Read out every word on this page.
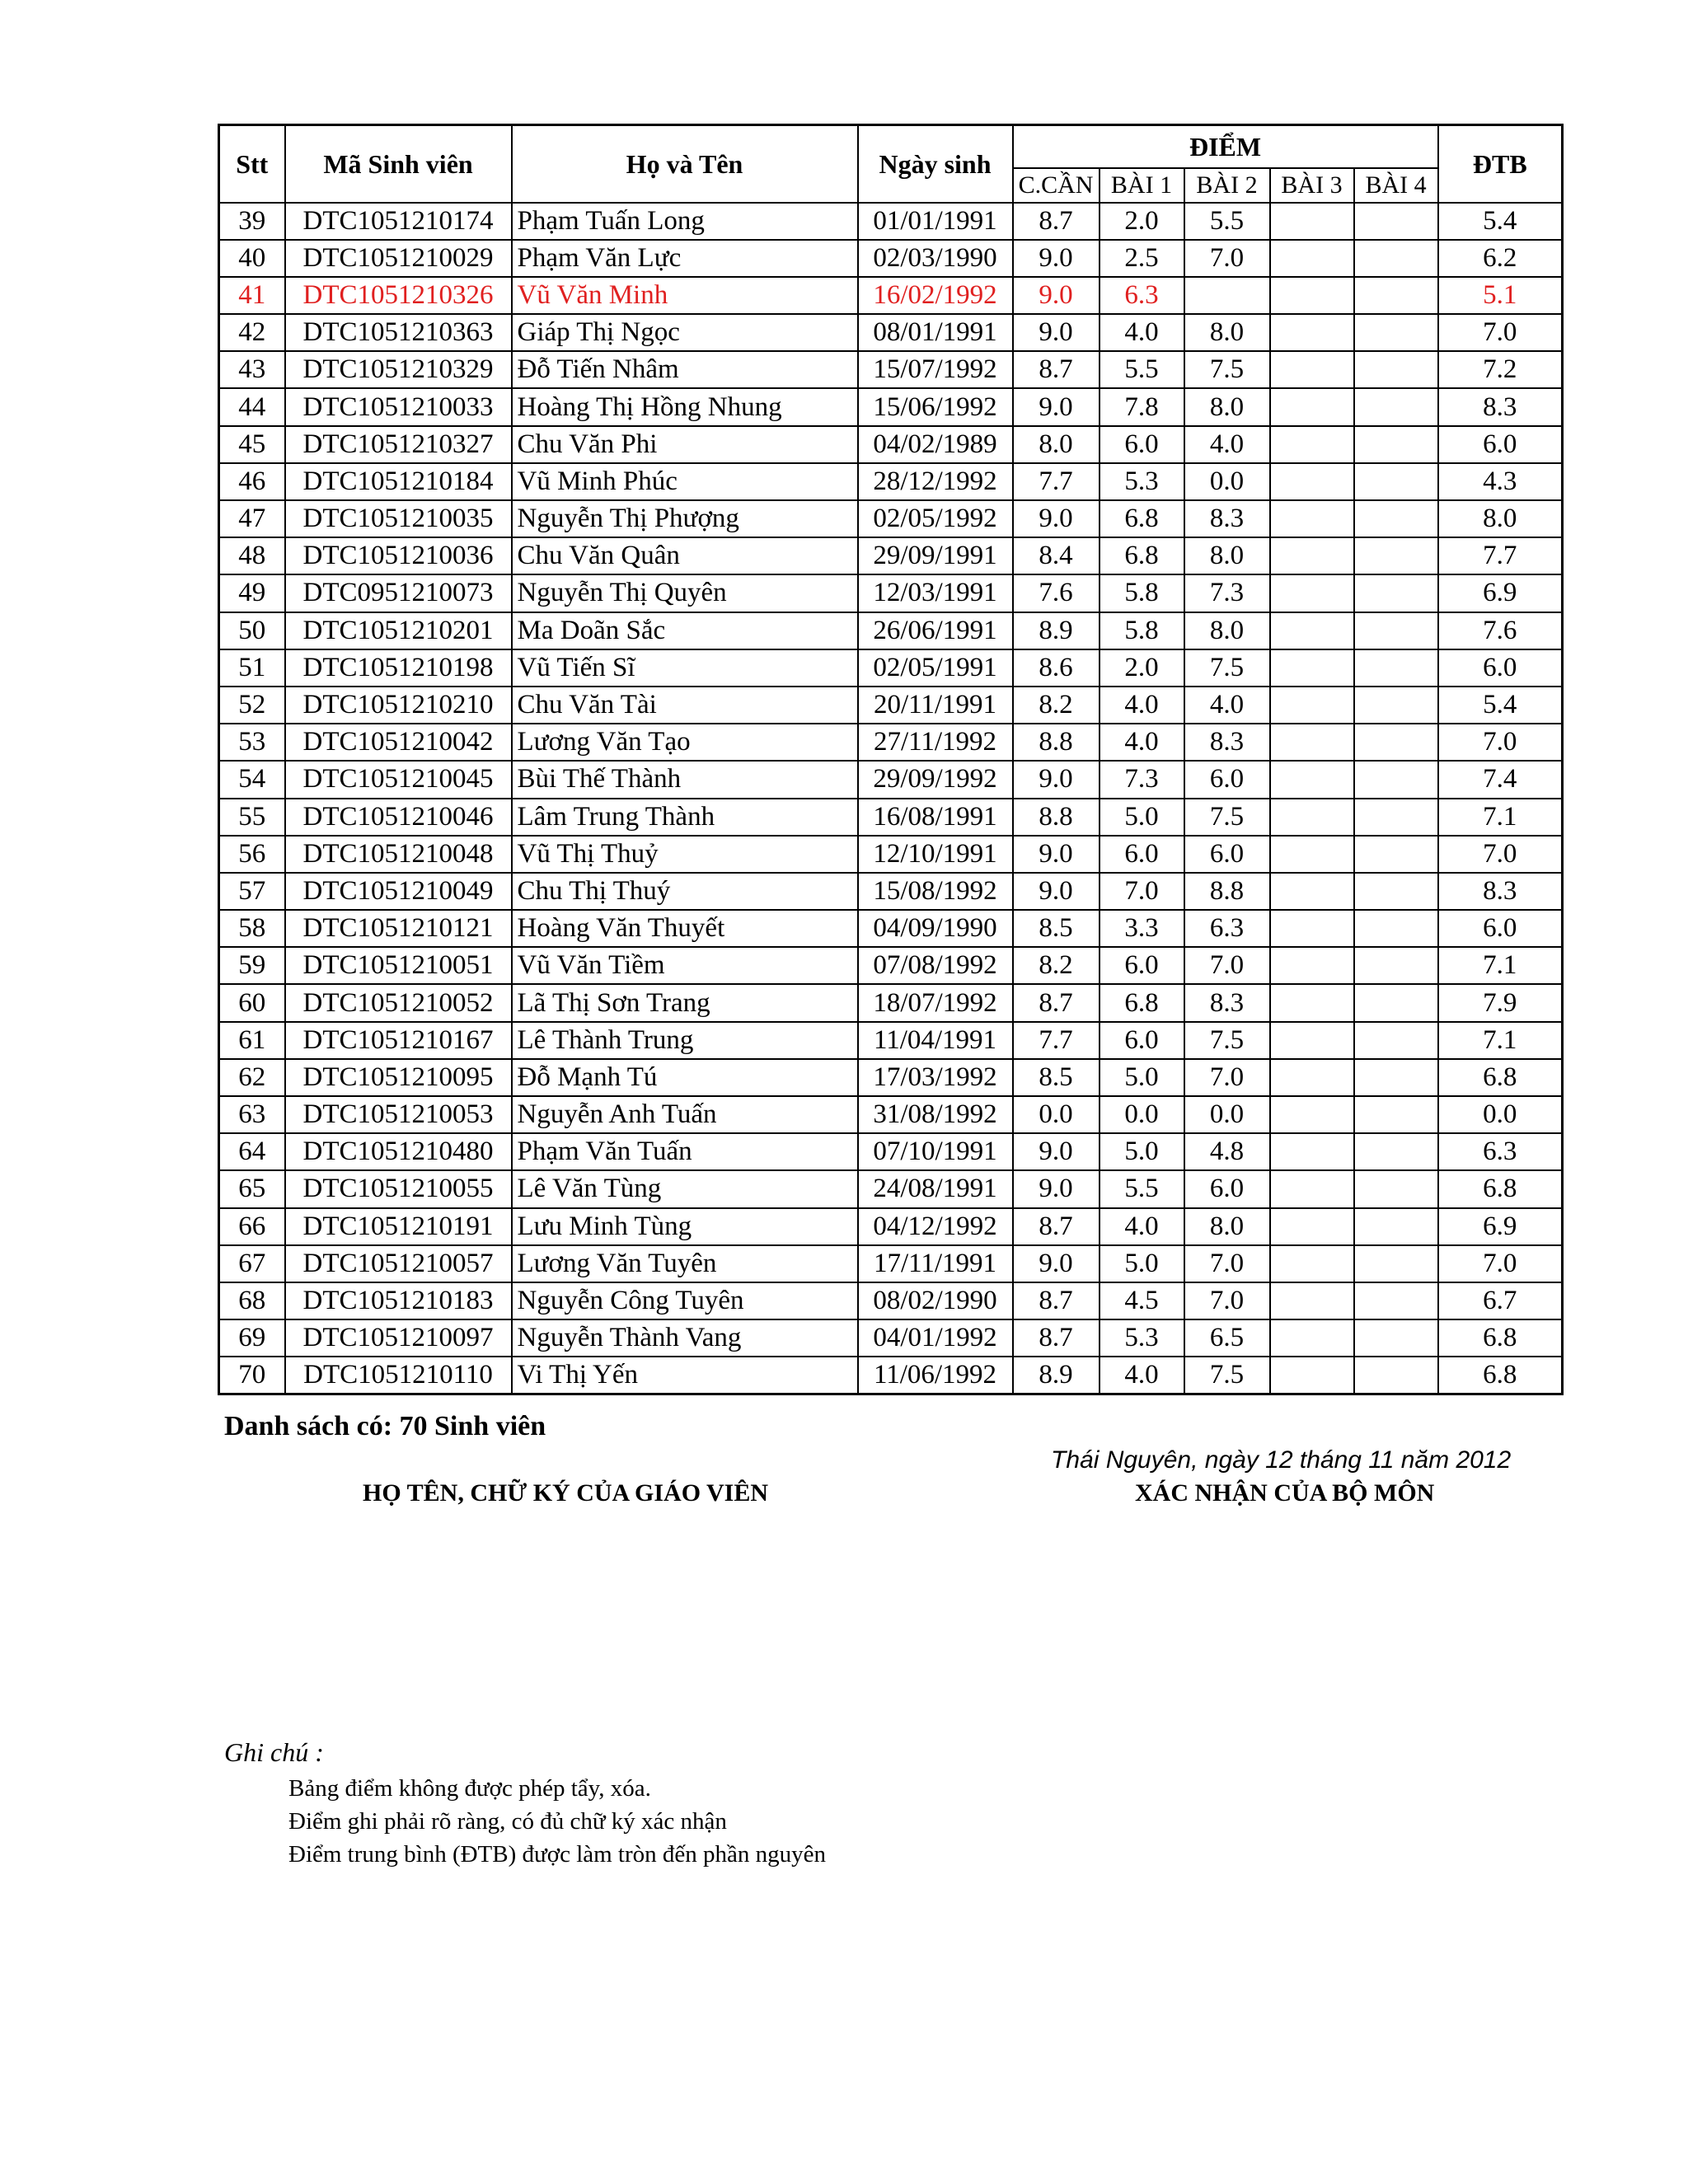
Stt	Mã Sinh viên	Họ và Tên	Ngày sinh	ĐIỂM					ĐTB
				C.CẦN	BÀI 1	BÀI 2	BÀI 3	BÀI 4	
39	DTC1051210174	Phạm Tuấn Long	01/01/1991	8.7	2.0	5.5			5.4
40	DTC1051210029	Phạm Văn Lực	02/03/1990	9.0	2.5	7.0			6.2
41	DTC1051210326	Vũ Văn Minh	16/02/1992	9.0	6.3				5.1
42	DTC1051210363	Giáp Thị Ngọc	08/01/1991	9.0	4.0	8.0			7.0
43	DTC1051210329	Đỗ Tiến Nhâm	15/07/1992	8.7	5.5	7.5			7.2
44	DTC1051210033	Hoàng Thị Hồng Nhung	15/06/1992	9.0	7.8	8.0			8.3
45	DTC1051210327	Chu Văn Phi	04/02/1989	8.0	6.0	4.0			6.0
46	DTC1051210184	Vũ Minh Phúc	28/12/1992	7.7	5.3	0.0			4.3
47	DTC1051210035	Nguyễn Thị Phượng	02/05/1992	9.0	6.8	8.3			8.0
48	DTC1051210036	Chu Văn Quân	29/09/1991	8.4	6.8	8.0			7.7
49	DTC0951210073	Nguyễn Thị Quyên	12/03/1991	7.6	5.8	7.3			6.9
50	DTC1051210201	Ma Doãn Sắc	26/06/1991	8.9	5.8	8.0			7.6
51	DTC1051210198	Vũ Tiến Sĩ	02/05/1991	8.6	2.0	7.5			6.0
52	DTC1051210210	Chu Văn Tài	20/11/1991	8.2	4.0	4.0			5.4
53	DTC1051210042	Lương Văn Tạo	27/11/1992	8.8	4.0	8.3			7.0
54	DTC1051210045	Bùi Thế Thành	29/09/1992	9.0	7.3	6.0			7.4
55	DTC1051210046	Lâm Trung Thành	16/08/1991	8.8	5.0	7.5			7.1
56	DTC1051210048	Vũ Thị Thuỷ	12/10/1991	9.0	6.0	6.0			7.0
57	DTC1051210049	Chu Thị Thuý	15/08/1992	9.0	7.0	8.8			8.3
58	DTC1051210121	Hoàng Văn Thuyết	04/09/1990	8.5	3.3	6.3			6.0
59	DTC1051210051	Vũ Văn Tiềm	07/08/1992	8.2	6.0	7.0			7.1
60	DTC1051210052	Lã Thị Sơn Trang	18/07/1992	8.7	6.8	8.3			7.9
61	DTC1051210167	Lê Thành Trung	11/04/1991	7.7	6.0	7.5			7.1
62	DTC1051210095	Đỗ Mạnh Tú	17/03/1992	8.5	5.0	7.0			6.8
63	DTC1051210053	Nguyễn Anh Tuấn	31/08/1992	0.0	0.0	0.0			0.0
64	DTC1051210480	Phạm Văn Tuấn	07/10/1991	9.0	5.0	4.8			6.3
65	DTC1051210055	Lê Văn Tùng	24/08/1991	9.0	5.5	6.0			6.8
66	DTC1051210191	Lưu Minh Tùng	04/12/1992	8.7	4.0	8.0			6.9
67	DTC1051210057	Lương Văn Tuyên	17/11/1991	9.0	5.0	7.0			7.0
68	DTC1051210183	Nguyễn Công Tuyên	08/02/1990	8.7	4.5	7.0			6.7
69	DTC1051210097	Nguyễn Thành Vang	04/01/1992	8.7	5.3	6.5			6.8
70	DTC1051210110	Vi Thị Yến	11/06/1992	8.9	4.0	7.5			6.8
Danh sách có: 70 Sinh viên
Thái Nguyên, ngày 12 tháng 11 năm 2012
HỌ TÊN, CHỮ KÝ CỦA GIÁO VIÊN	XÁC NHẬN CỦA BỘ MÔN
Ghi chú :
Bảng điểm không được phép tẩy, xóa.
Điểm ghi phải rõ ràng, có đủ chữ ký xác nhận
Điểm trung bình (ĐTB) được làm tròn đến phần nguyên
